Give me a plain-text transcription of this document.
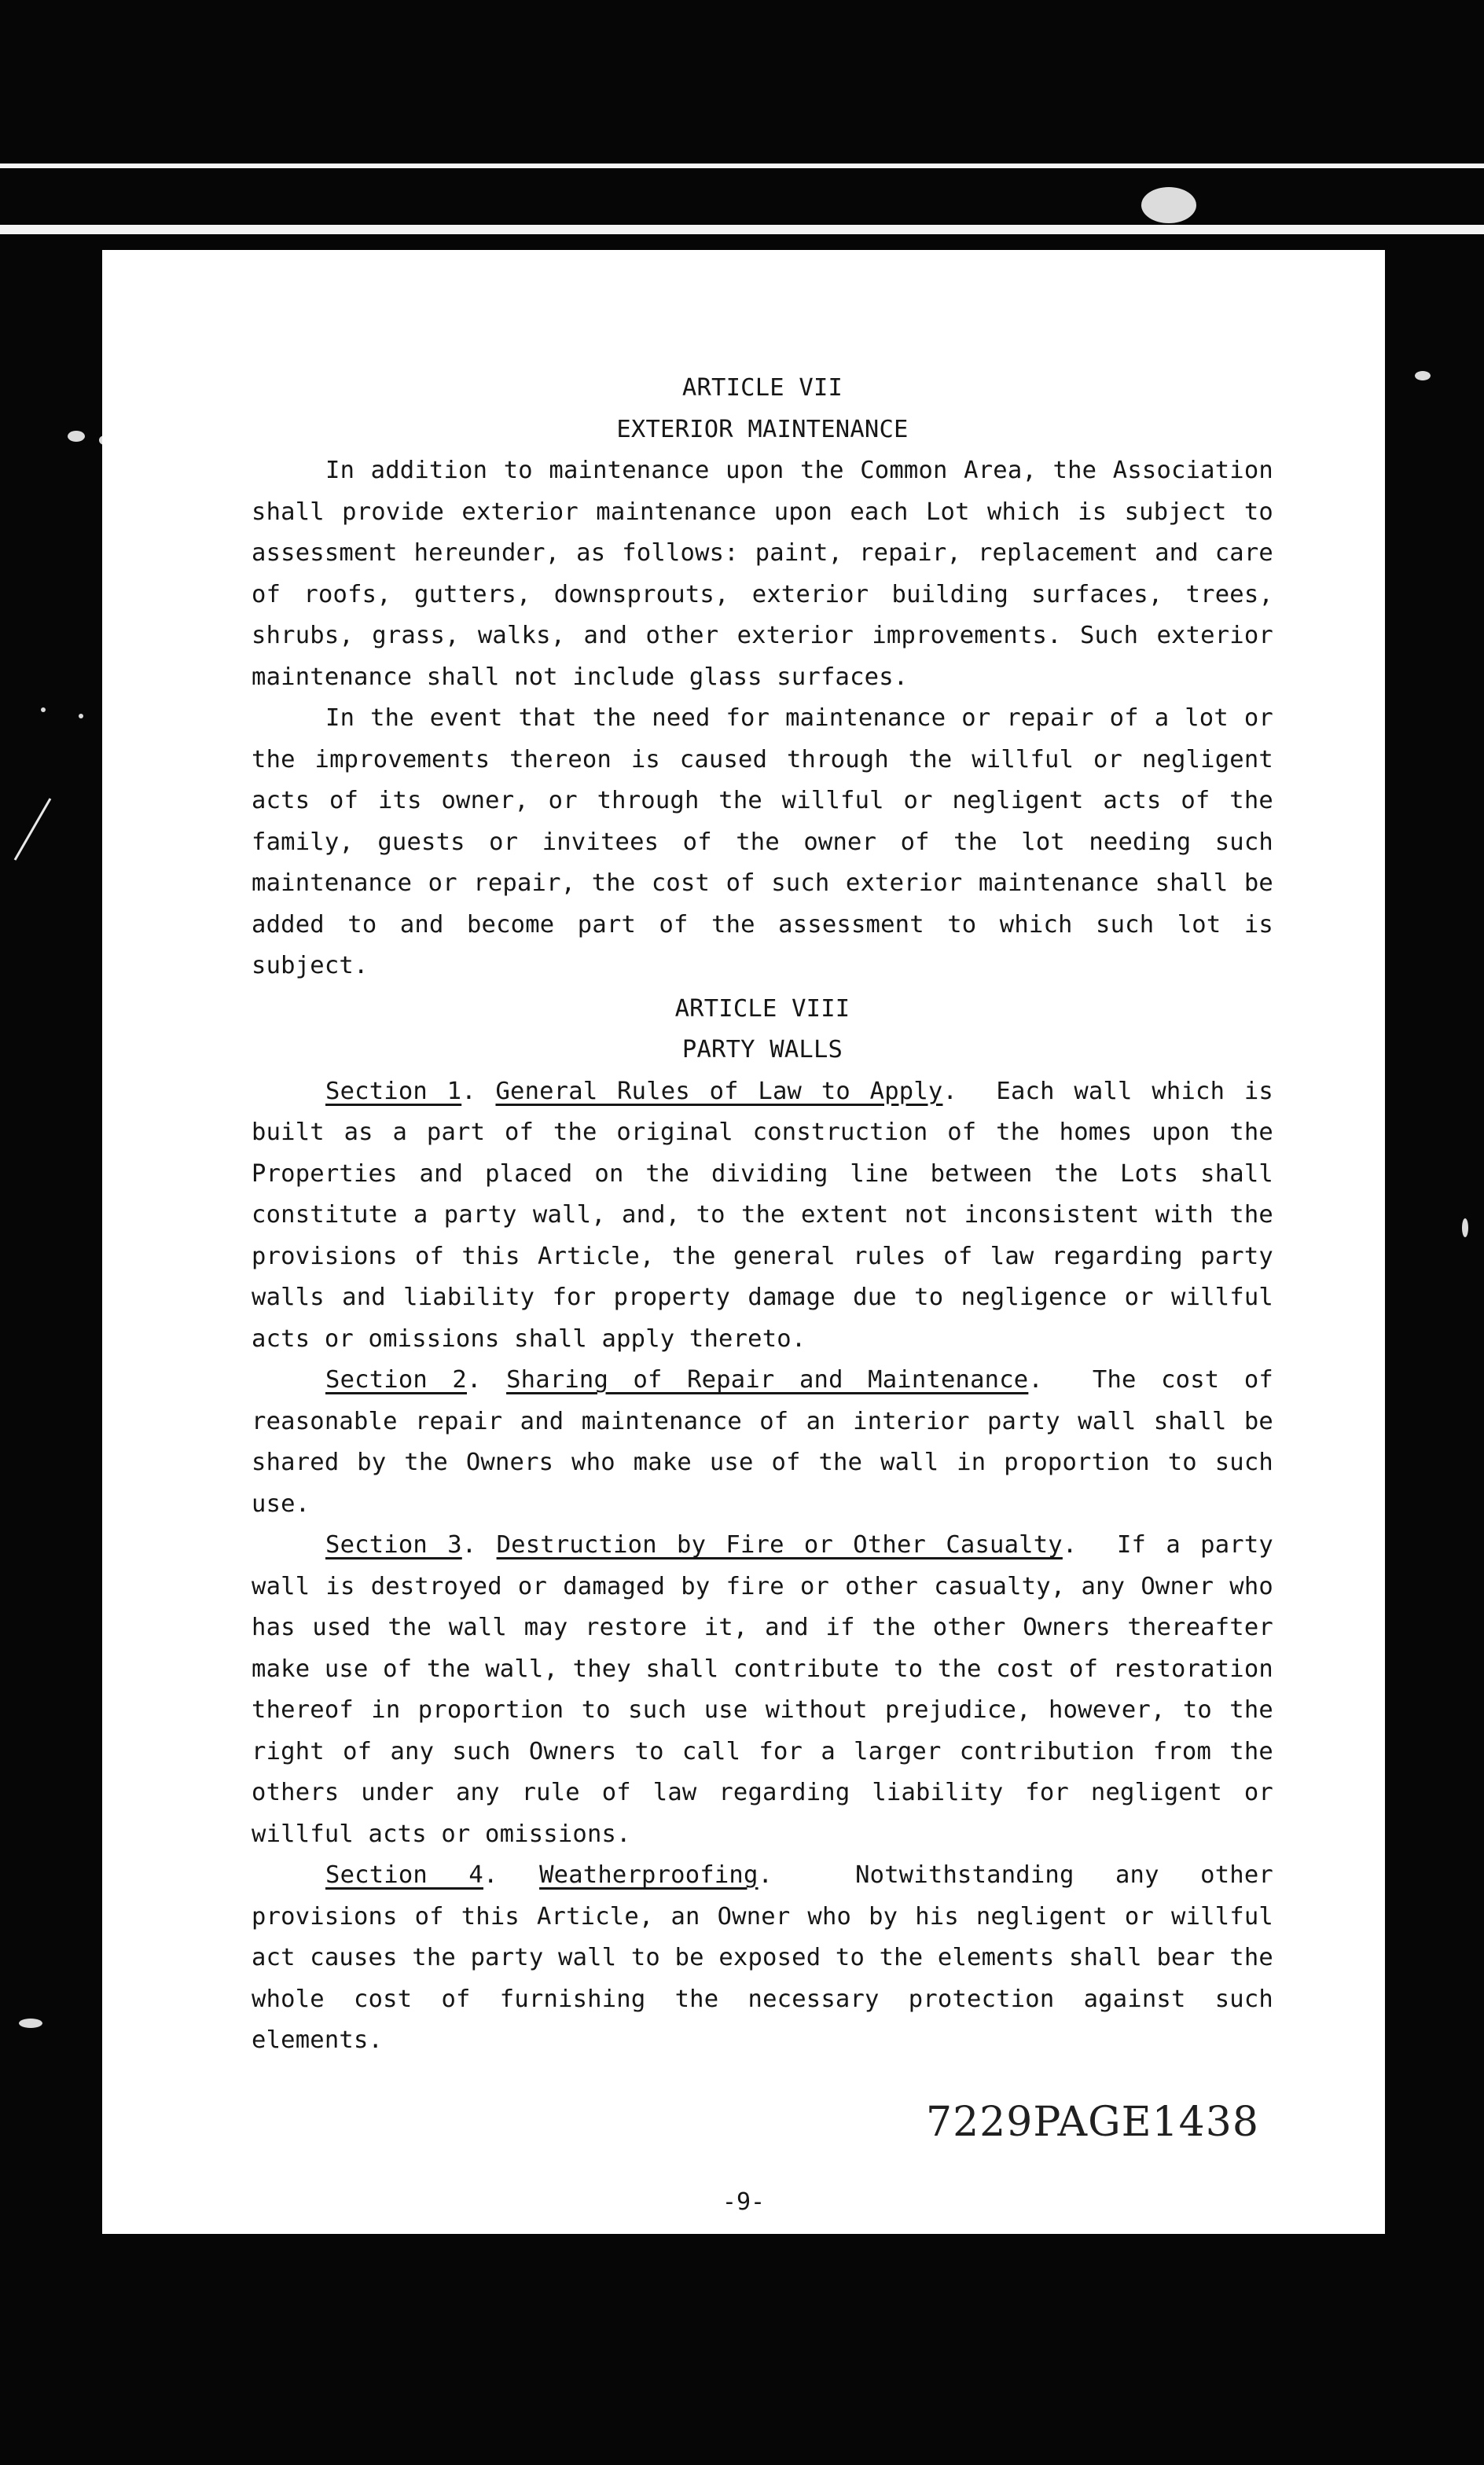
ARTICLE VII

EXTERIOR MAINTENANCE

In addition to maintenance upon the Common Area, the Association shall provide exterior maintenance upon each Lot which is subject to assessment hereunder, as follows: paint, repair, replacement and care of roofs, gutters, downsprouts, exterior building surfaces, trees, shrubs, grass, walks, and other exterior improvements. Such exterior maintenance shall not include glass surfaces.

In the event that the need for maintenance or repair of a lot or the improvements thereon is caused through the willful or negligent acts of its owner, or through the willful or negligent acts of the family, guests or invitees of the owner of the lot needing such maintenance or repair, the cost of such exterior maintenance shall be added to and become part of the assessment to which such lot is subject.

ARTICLE VIII

PARTY WALLS

Section 1. General Rules of Law to Apply.  Each wall which is built as a part of the original construction of the homes upon the Properties and placed on the dividing line between the Lots shall constitute a party wall, and, to the extent not inconsistent with the provisions of this Article, the general rules of law regarding party walls and liability for property damage due to negligence or willful acts or omissions shall apply thereto.

Section 2. Sharing of Repair and Maintenance.  The cost of reasonable repair and maintenance of an interior party wall shall be shared by the Owners who make use of the wall in proportion to such use.

Section 3. Destruction by Fire or Other Casualty.  If a party wall is destroyed or damaged by fire or other casualty, any Owner who has used the wall may restore it, and if the other Owners thereafter make use of the wall, they shall contribute to the cost of restoration thereof in proportion to such use without prejudice, however, to the right of any such Owners to call for a larger contribution from the others under any rule of law regarding liability for negligent or willful acts or omissions.

Section 4. Weatherproofing.  Notwithstanding any other provisions of this Article, an Owner who by his negligent or willful act causes the party wall to be exposed to the elements shall bear the whole cost of furnishing the necessary protection against such elements.

7229PAGE1438
-9-
